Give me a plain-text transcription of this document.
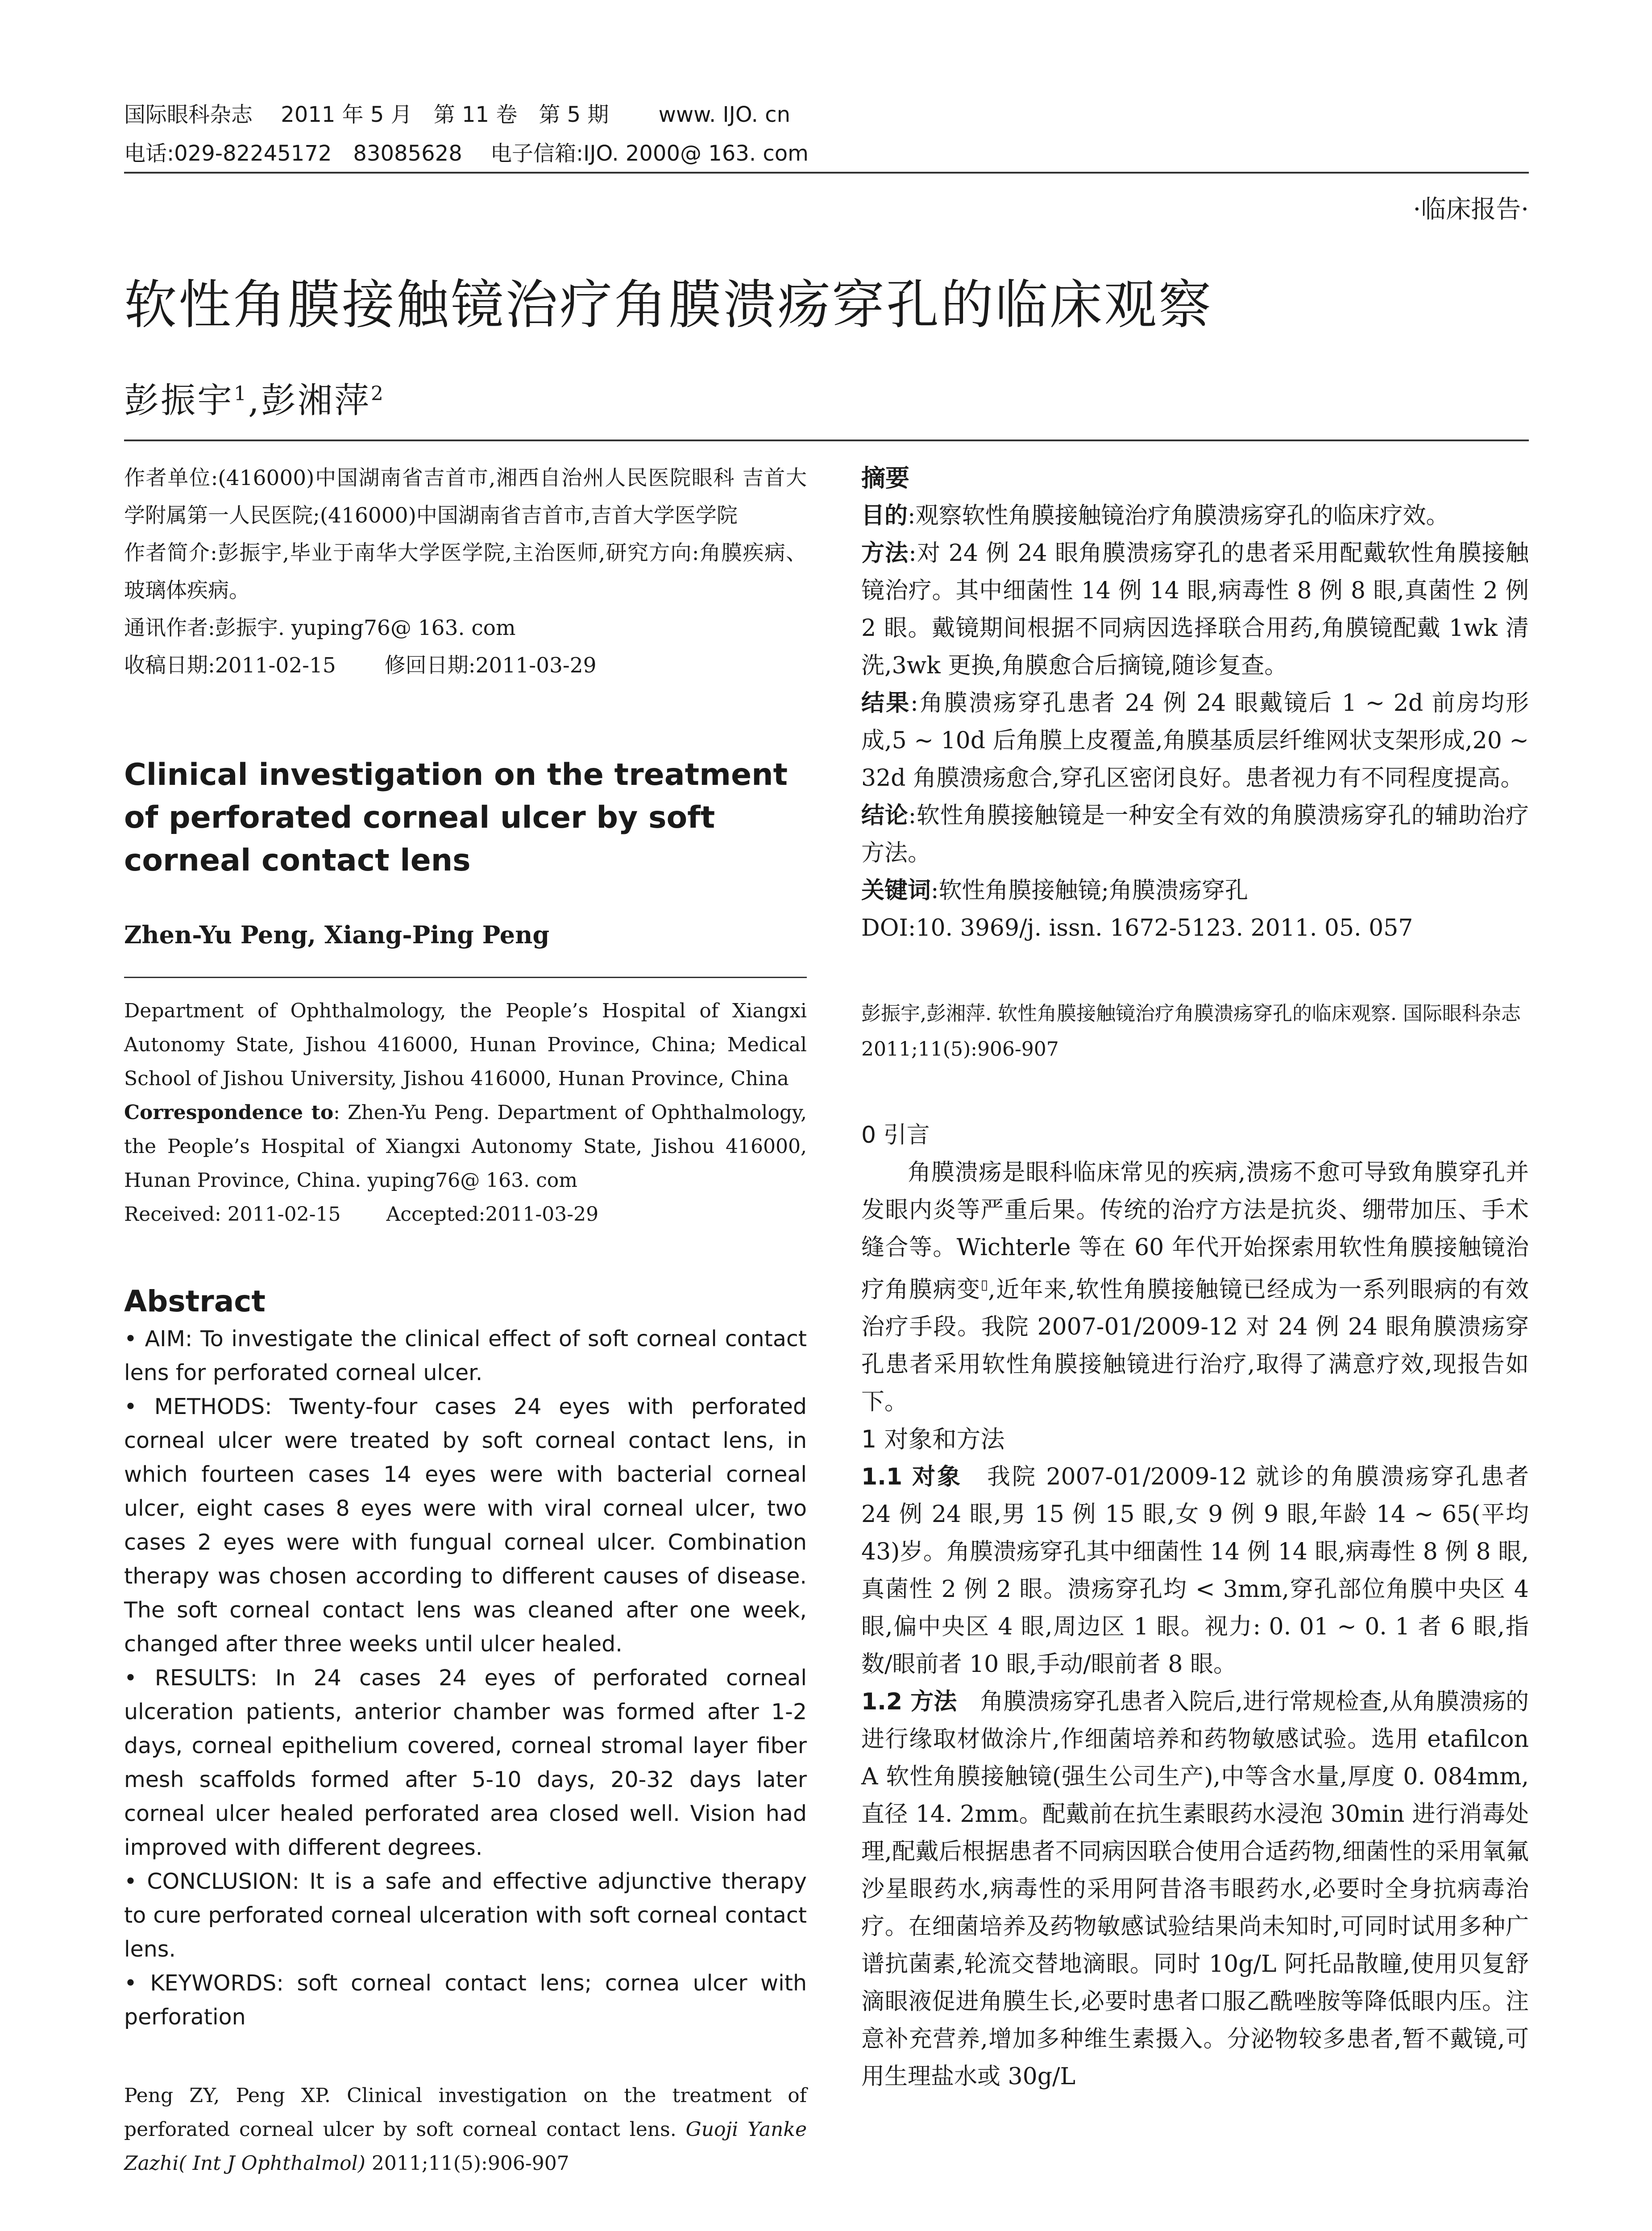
国际眼科杂志　 2011 年 5 月　第 11 卷　第 5 期　　 www. IJO. cn
电话:029-82245172　83085628　 电子信箱:IJO. 2000@ 163. com
·临床报告·
软性角膜接触镜治疗角膜溃疡穿孔的临床观察
彭振宇$^1$,彭湘萍$^2$

作者单位:(416000)中国湖南省吉首市,湘西自治州人民医院眼科 吉首大学附属第一人民医院;(416000)中国湖南省吉首市,吉首大学医学院

作者简介:彭振宇,毕业于南华大学医学院,主治医师,研究方向:角膜疾病、玻璃体疾病。

通讯作者:彭振宇. yuping76@ 163. com

收稿日期:2011-02-15　　 修回日期:2011-03-29

Clinical investigation on the treatment of perforated corneal ulcer by soft corneal contact lens
Zhen-Yu Peng, Xiang-Ping Peng
Department of Ophthalmology, the People’s Hospital of Xiangxi Autonomy State, Jishou 416000, Hunan Province, China; Medical School of Jishou University, Jishou 416000, Hunan Province, China
Correspondence to: Zhen-Yu Peng. Department of Ophthalmology, the People’s Hospital of Xiangxi Autonomy State, Jishou 416000, Hunan Province, China. yuping76@ 163. com
Received: 2011-02-15　　 Accepted:2011-03-29
Abstract

• AIM: To investigate the clinical effect of soft corneal contact lens for perforated corneal ulcer.

• METHODS: Twenty-four cases 24 eyes with perforated corneal ulcer were treated by soft corneal contact lens, in which fourteen cases 14 eyes were with bacterial corneal ulcer, eight cases 8 eyes were with viral corneal ulcer, two cases 2 eyes were with fungual corneal ulcer. Combination therapy was chosen according to different causes of disease. The soft corneal contact lens was cleaned after one week, changed after three weeks until ulcer healed.

• RESULTS: In 24 cases 24 eyes of perforated corneal ulceration patients, anterior chamber was formed after 1-2 days, corneal epithelium covered, corneal stromal layer fiber mesh scaffolds formed after 5-10 days, 20-32 days later corneal ulcer healed perforated area closed well. Vision had improved with different degrees.

• CONCLUSION: It is a safe and effective adjunctive therapy to cure perforated corneal ulceration with soft corneal contact lens.

• KEYWORDS: soft corneal contact lens; cornea ulcer with perforation

Peng ZY, Peng XP. Clinical investigation on the treatment of perforated corneal ulcer by soft corneal contact lens. Guoji Yanke Zazhi( Int J Ophthalmol) 2011;11(5):906-907
摘要

目的:观察软性角膜接触镜治疗角膜溃疡穿孔的临床疗效。

方法:对 24 例 24 眼角膜溃疡穿孔的患者采用配戴软性角膜接触镜治疗。其中细菌性 14 例 14 眼,病毒性 8 例 8 眼,真菌性 2 例 2 眼。戴镜期间根据不同病因选择联合用药,角膜镜配戴 1wk 清洗,3wk 更换,角膜愈合后摘镜,随诊复查。

结果:角膜溃疡穿孔患者 24 例 24 眼戴镜后 1 ~ 2d 前房均形成,5 ~ 10d 后角膜上皮覆盖,角膜基质层纤维网状支架形成,20 ~ 32d 角膜溃疡愈合,穿孔区密闭良好。患者视力有不同程度提高。

结论:软性角膜接触镜是一种安全有效的角膜溃疡穿孔的辅助治疗方法。

关键词:软性角膜接触镜;角膜溃疡穿孔

DOI:10. 3969/j. issn. 1672-5123. 2011. 05. 057

彭振宇,彭湘萍. 软性角膜接触镜治疗角膜溃疡穿孔的临床观察. 国际眼科杂志 2011;11(5):906-907
0 引言

角膜溃疡是眼科临床常见的疾病,溃疡不愈可导致角膜穿孔并发眼内炎等严重后果。传统的治疗方法是抗炎、绷带加压、手术缝合等。Wichterle 等在 60 年代开始探索用软性角膜接触镜治疗角膜病变▯,近年来,软性角膜接触镜已经成为一系列眼病的有效治疗手段。我院 2007-01/2009-12 对 24 例 24 眼角膜溃疡穿孔患者采用软性角膜接触镜进行治疗,取得了满意疗效,现报告如下。

1 对象和方法

1.1 对象　我院 2007-01/2009-12 就诊的角膜溃疡穿孔患者 24 例 24 眼,男 15 例 15 眼,女 9 例 9 眼,年龄 14 ~ 65(平均 43)岁。角膜溃疡穿孔其中细菌性 14 例 14 眼,病毒性 8 例 8 眼,真菌性 2 例 2 眼。溃疡穿孔均 < 3mm,穿孔部位角膜中央区 4 眼,偏中央区 4 眼,周边区 1 眼。视力: 0. 01 ~ 0. 1 者 6 眼,指数/眼前者 10 眼,手动/眼前者 8 眼。

1.2 方法　角膜溃疡穿孔患者入院后,进行常规检查,从角膜溃疡的进行缘取材做涂片,作细菌培养和药物敏感试验。选用 etafilcon A 软性角膜接触镜(强生公司生产),中等含水量,厚度 0. 084mm,直径 14. 2mm。配戴前在抗生素眼药水浸泡 30min 进行消毒处理,配戴后根据患者不同病因联合使用合适药物,细菌性的采用氧氟沙星眼药水,病毒性的采用阿昔洛韦眼药水,必要时全身抗病毒治疗。在细菌培养及药物敏感试验结果尚未知时,可同时试用多种广谱抗菌素,轮流交替地滴眼。同时 10g/L 阿托品散瞳,使用贝复舒滴眼液促进角膜生长,必要时患者口服乙酰唑胺等降低眼内压。注意补充营养,增加多种维生素摄入。分泌物较多患者,暂不戴镜,可用生理盐水或 30g/L
